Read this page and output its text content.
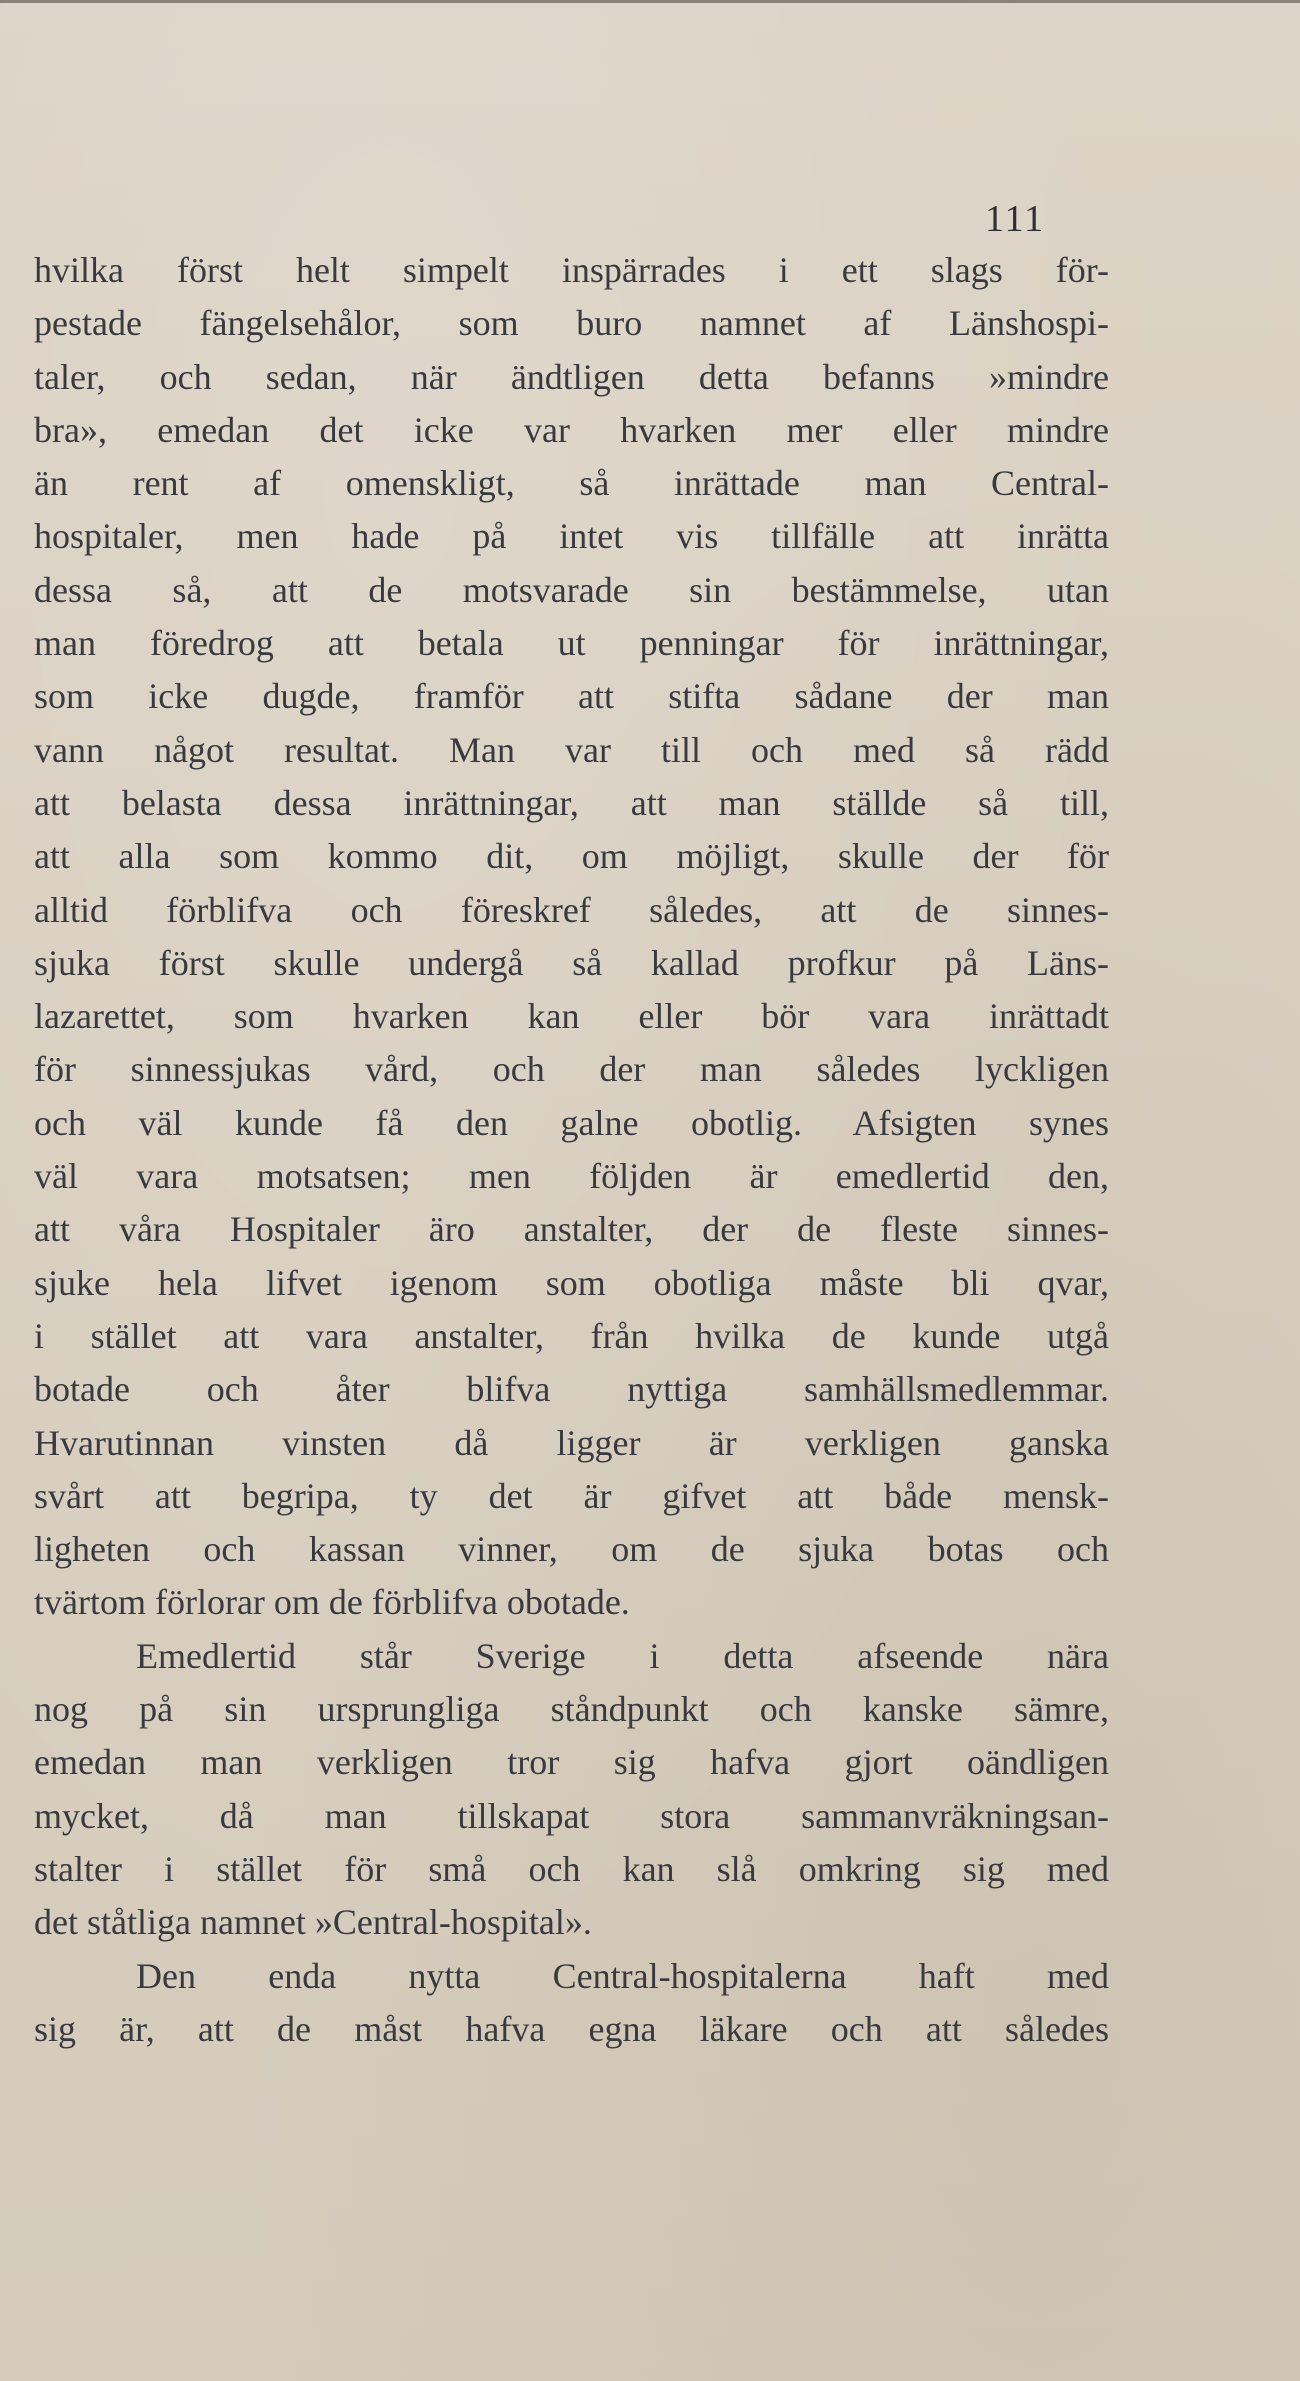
111
hvilka först helt simpelt inspärrades i ett slags för-
pestade fängelsehålor, som buro namnet af Länshospi-
taler, och sedan, när ändtligen detta befanns »mindre
bra», emedan det icke var hvarken mer eller mindre
än rent af omenskligt, så inrättade man Central-
hospitaler, men hade på intet vis tillfälle att inrätta
dessa så, att de motsvarade sin bestämmelse, utan
man föredrog att betala ut penningar för inrättningar,
som icke dugde, framför att stifta sådane der man
vann något resultat. Man var till och med så rädd
att belasta dessa inrättningar, att man ställde så till,
att alla som kommo dit, om möjligt, skulle der för
alltid förblifva och föreskref således, att de sinnes-
sjuka först skulle undergå så kallad profkur på Läns-
lazarettet, som hvarken kan eller bör vara inrättadt
för sinnessjukas vård, och der man således lyckligen
och väl kunde få den galne obotlig. Afsigten synes
väl vara motsatsen; men följden är emedlertid den,
att våra Hospitaler äro anstalter, der de fleste sinnes-
sjuke hela lifvet igenom som obotliga måste bli qvar,
i stället att vara anstalter, från hvilka de kunde utgå
botade och åter blifva nyttiga samhällsmedlemmar.
Hvarutinnan vinsten då ligger är verkligen ganska
svårt att begripa, ty det är gifvet att både mensk-
ligheten och kassan vinner, om de sjuka botas och
tvärtom förlorar om de förblifva obotade.
Emedlertid står Sverige i detta afseende nära
nog på sin ursprungliga ståndpunkt och kanske sämre,
emedan man verkligen tror sig hafva gjort oändligen
mycket, då man tillskapat stora sammanvräkningsan-
stalter i stället för små och kan slå omkring sig med
det ståtliga namnet »Central-hospital».
Den enda nytta Central-hospitalerna haft med
sig är, att de måst hafva egna läkare och att således
